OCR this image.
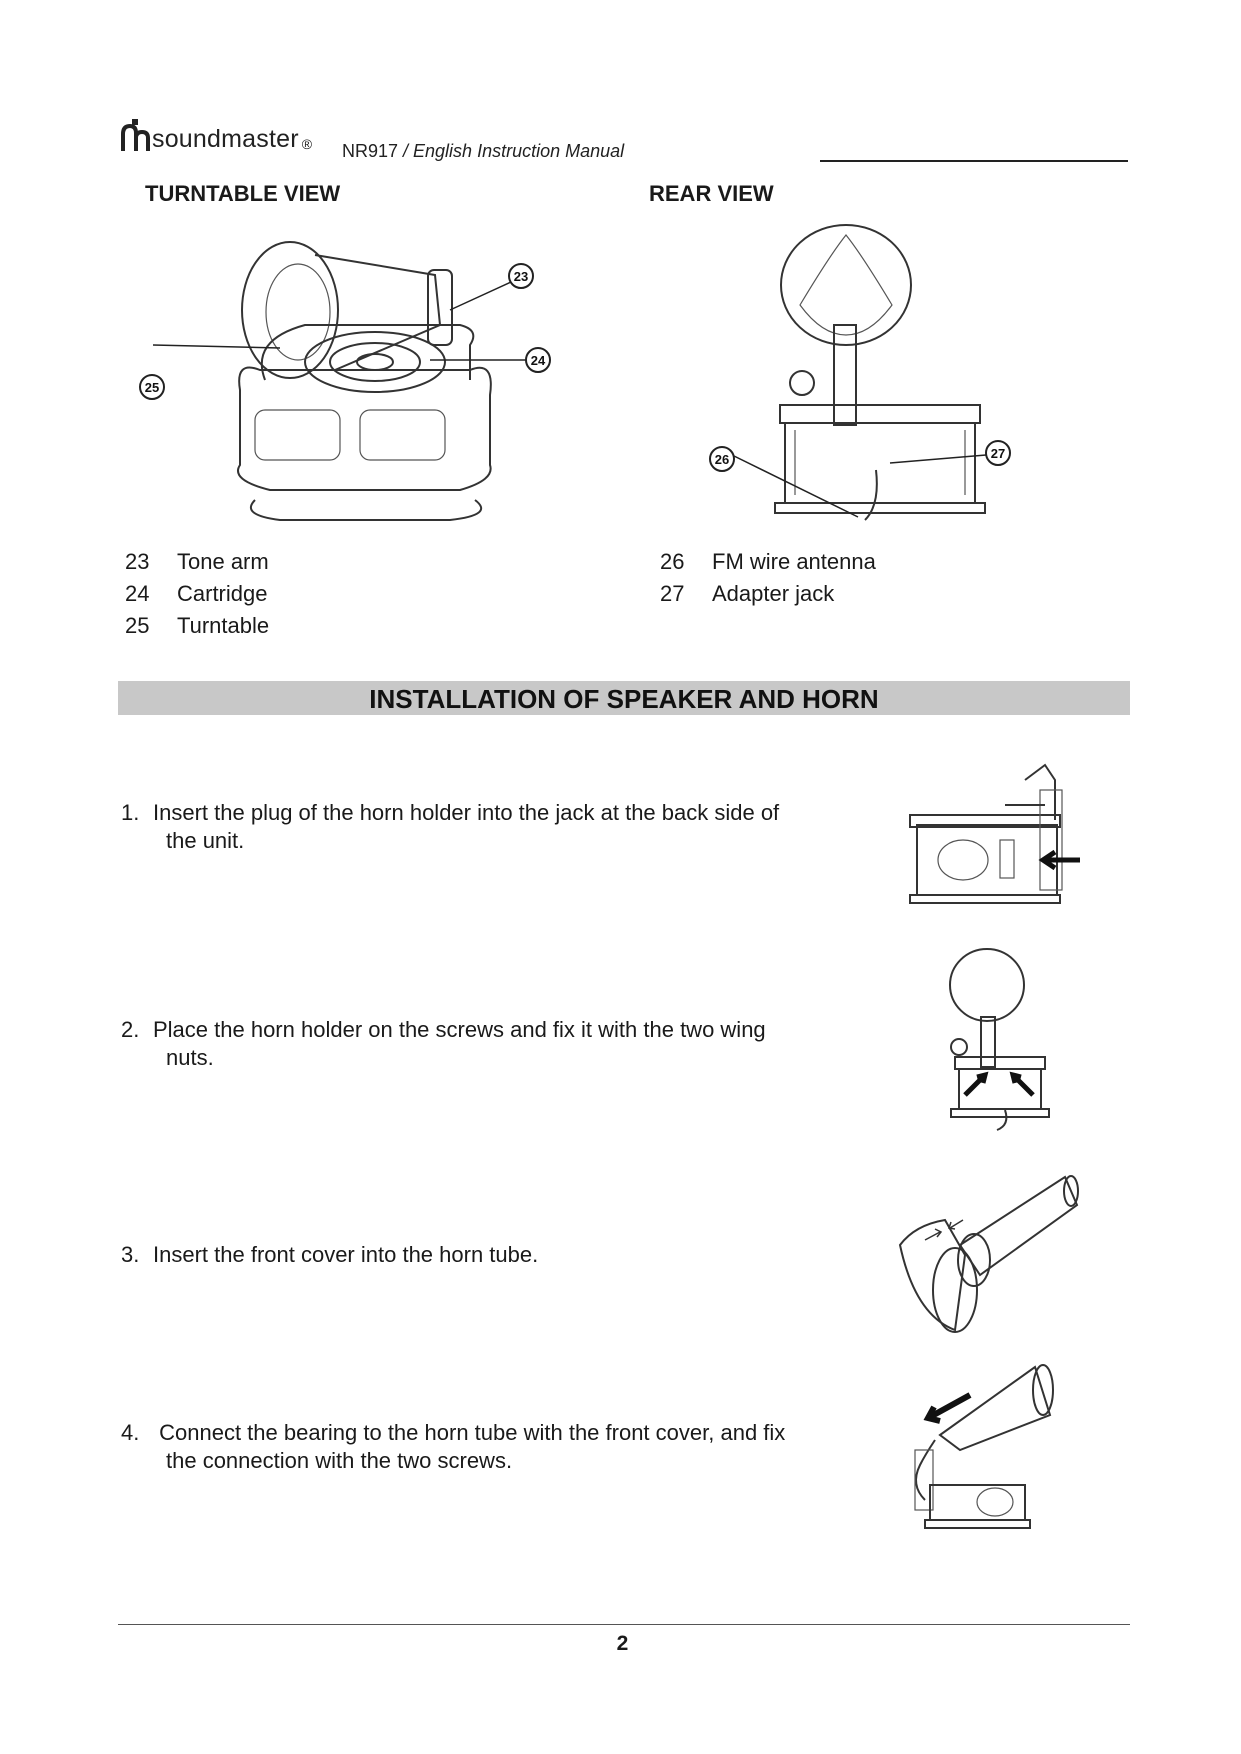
soundmaster ® NR917 / English Instruction Manual
TURNTABLE VIEW	REAR VIEW
23
24
25
26	27
23 Tone arm
24 Cartridge
25 Turntable
26 FM wire antenna
27 Adapter jack
INSTALLATION OF SPEAKER AND HORN
1. Insert the plug of the horn holder into the jack at the back side of
the unit.
2. Place the horn holder on the screws and fix it with the two wing
nuts.
3. Insert the front cover into the horn tube.
4. Connect the bearing to the horn tube with the front cover, and fix
the connection with the two screws.
2
